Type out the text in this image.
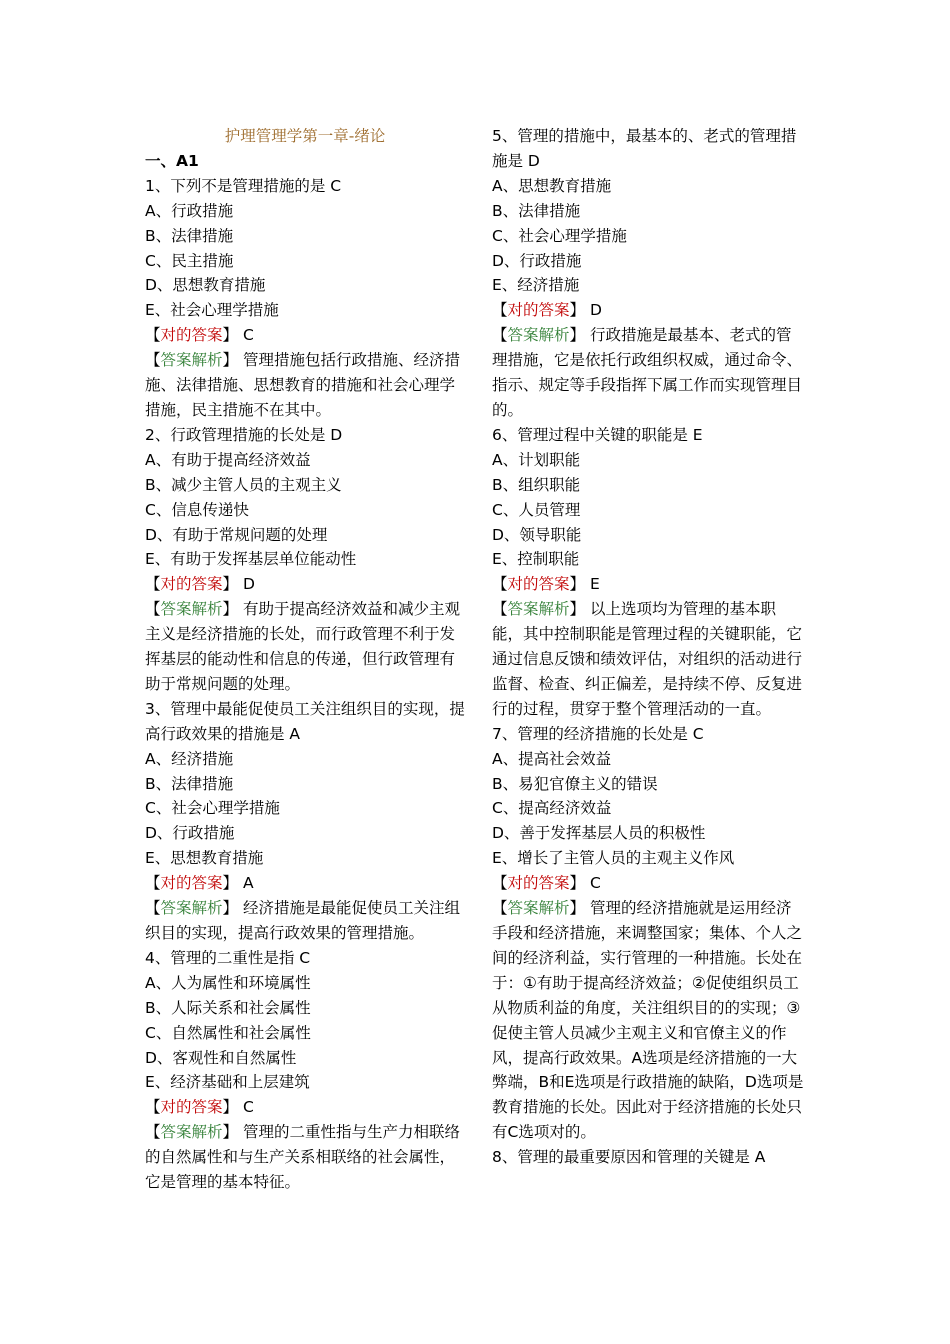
护理管理学第一章-绪论
一、A1
1、下列不是管理措施的是 C
A、行政措施
B、法律措施
C、民主措施
D、思想教育措施
E、社会心理学措施
【对的答案】 C
【答案解析】 管理措施包括行政措施、经济措施、法律措施、思想教育的措施和社会心理学措施，民主措施不在其中。
2、行政管理措施的长处是 D
A、有助于提高经济效益
B、减少主管人员的主观主义
C、信息传递快
D、有助于常规问题的处理
E、有助于发挥基层单位能动性
【对的答案】 D
【答案解析】 有助于提高经济效益和减少主观主义是经济措施的长处，而行政管理不利于发挥基层的能动性和信息的传递，但行政管理有助于常规问题的处理。
3、管理中最能促使员工关注组织目的实现，提高行政效果的措施是 A
A、经济措施
B、法律措施
C、社会心理学措施
D、行政措施
E、思想教育措施
【对的答案】 A
【答案解析】 经济措施是最能促使员工关注组织目的实现，提高行政效果的管理措施。
4、管理的二重性是指 C
A、人为属性和环境属性
B、人际关系和社会属性
C、自然属性和社会属性
D、客观性和自然属性
E、经济基础和上层建筑
【对的答案】 C
【答案解析】 管理的二重性指与生产力相联络的自然属性和与生产关系相联络的社会属性，它是管理的基本特征。
5、管理的措施中，最基本的、老式的管理措施是 D
A、思想教育措施
B、法律措施
C、社会心理学措施
D、行政措施
E、经济措施
【对的答案】 D
【答案解析】 行政措施是最基本、老式的管理措施，它是依托行政组织权威，通过命令、指示、规定等手段指挥下属工作而实现管理目的。
6、管理过程中关键的职能是 E
A、计划职能
B、组织职能
C、人员管理
D、领导职能
E、控制职能
【对的答案】 E
【答案解析】 以上选项均为管理的基本职能，其中控制职能是管理过程的关键职能，它通过信息反馈和绩效评估，对组织的活动进行监督、检查、纠正偏差，是持续不停、反复进行的过程，贯穿于整个管理活动的一直。
7、管理的经济措施的长处是 C
A、提高社会效益
B、易犯官僚主义的错误
C、提高经济效益
D、善于发挥基层人员的积极性
E、增长了主管人员的主观主义作风
【对的答案】 C
【答案解析】 管理的经济措施就是运用经济手段和经济措施，来调整国家；集体、个人之间的经济利益，实行管理的一种措施。长处在于：①有助于提高经济效益；②促使组织员工从物质利益的角度，关注组织目的的实现；③促使主管人员减少主观主义和官僚主义的作风，提高行政效果。A选项是经济措施的一大弊端，B和E选项是行政措施的缺陷，D选项是教育措施的长处。因此对于经济措施的长处只有C选项对的。
8、管理的最重要原因和管理的关键是 A
